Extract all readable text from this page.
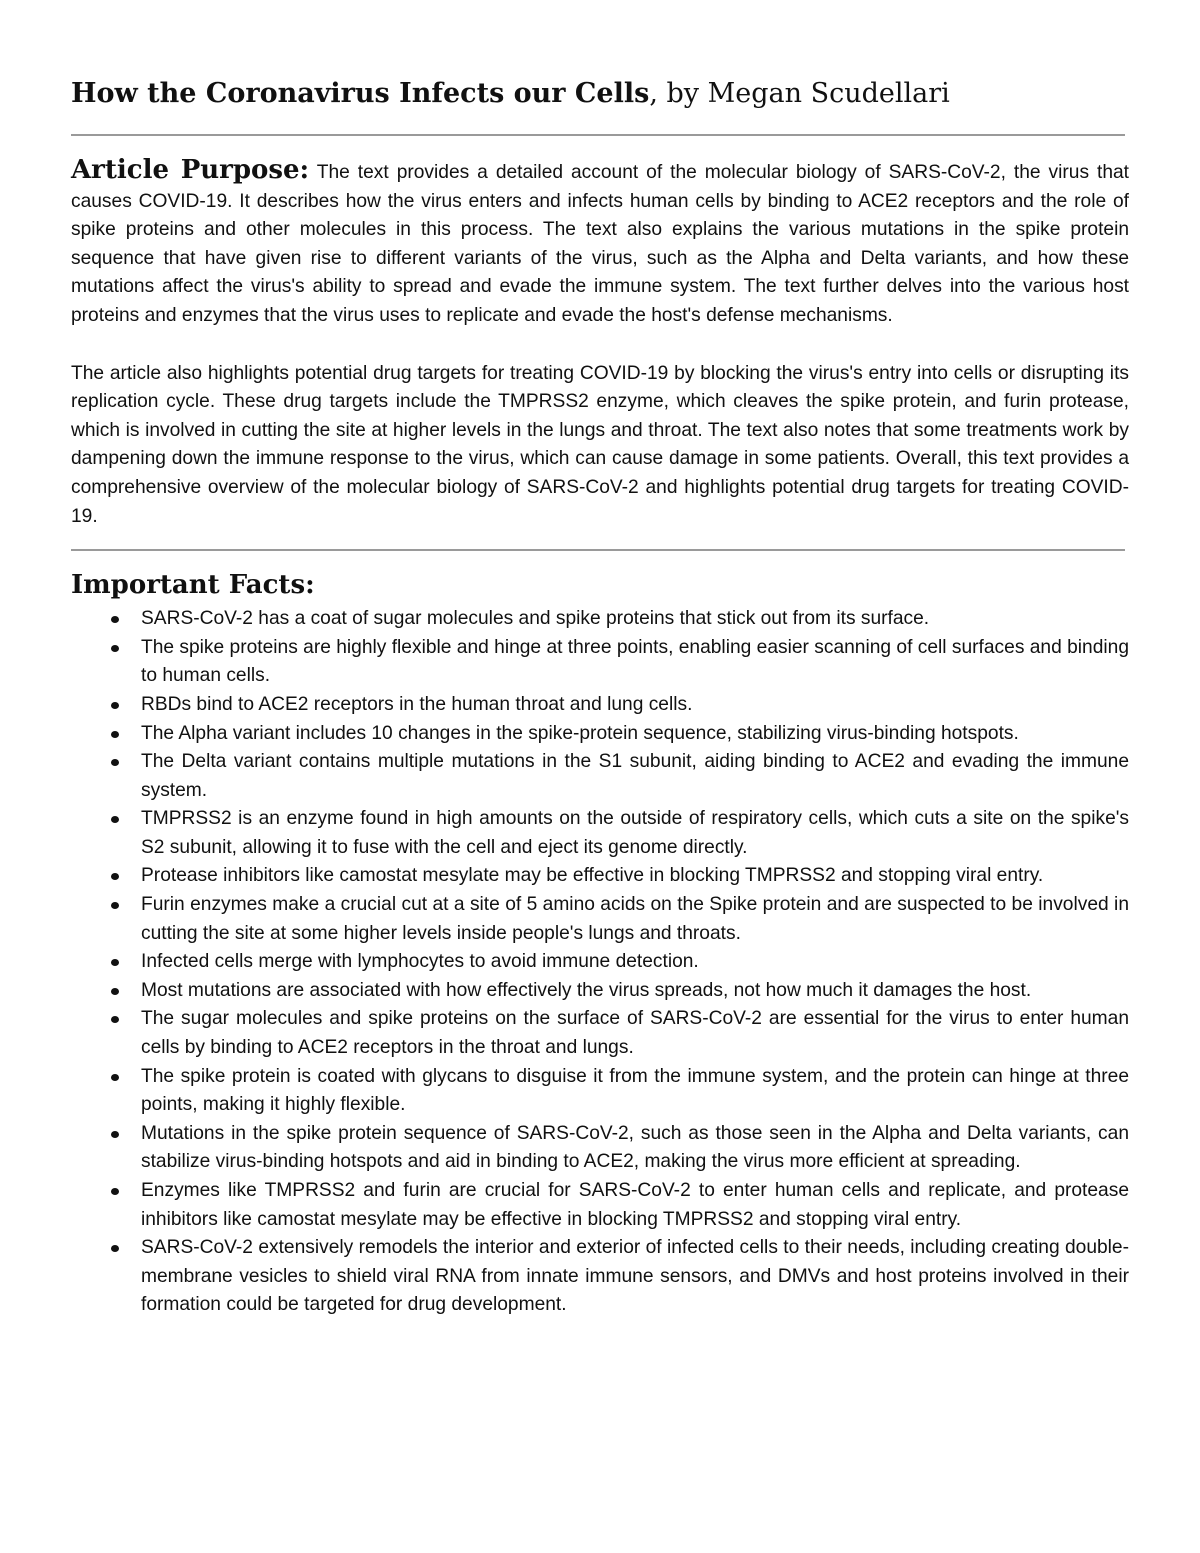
How the Coronavirus Infects our Cells, by Megan Scudellari

Article Purpose: The text provides a detailed account of the molecular biology of SARS-CoV-2, the virus that causes COVID-19. It describes how the virus enters and infects human cells by binding to ACE2 receptors and the role of spike proteins and other molecules in this process. The text also explains the various mutations in the spike protein sequence that have given rise to different variants of the virus, such as the Alpha and Delta variants, and how these mutations affect the virus's ability to spread and evade the immune system. The text further delves into the various host proteins and enzymes that the virus uses to replicate and evade the host's defense mechanisms.

The article also highlights potential drug targets for treating COVID-19 by blocking the virus's entry into cells or disrupting its replication cycle. These drug targets include the TMPRSS2 enzyme, which cleaves the spike protein, and furin protease, which is involved in cutting the site at higher levels in the lungs and throat. The text also notes that some treatments work by dampening down the immune response to the virus, which can cause damage in some patients. Overall, this text provides a comprehensive overview of the molecular biology of SARS-CoV-2 and highlights potential drug targets for treating COVID-19.

Important Facts:
SARS-CoV-2 has a coat of sugar molecules and spike proteins that stick out from its surface.
The spike proteins are highly flexible and hinge at three points, enabling easier scanning of cell surfaces and binding to human cells.
RBDs bind to ACE2 receptors in the human throat and lung cells.
The Alpha variant includes 10 changes in the spike-protein sequence, stabilizing virus-binding hotspots.
The Delta variant contains multiple mutations in the S1 subunit, aiding binding to ACE2 and evading the immune system.
TMPRSS2 is an enzyme found in high amounts on the outside of respiratory cells, which cuts a site on the spike's S2 subunit, allowing it to fuse with the cell and eject its genome directly.
Protease inhibitors like camostat mesylate may be effective in blocking TMPRSS2 and stopping viral entry.
Furin enzymes make a crucial cut at a site of 5 amino acids on the Spike protein and are suspected to be involved in cutting the site at some higher levels inside people's lungs and throats.
Infected cells merge with lymphocytes to avoid immune detection.
Most mutations are associated with how effectively the virus spreads, not how much it damages the host.
The sugar molecules and spike proteins on the surface of SARS-CoV-2 are essential for the virus to enter human cells by binding to ACE2 receptors in the throat and lungs.
The spike protein is coated with glycans to disguise it from the immune system, and the protein can hinge at three points, making it highly flexible.
Mutations in the spike protein sequence of SARS-CoV-2, such as those seen in the Alpha and Delta variants, can stabilize virus-binding hotspots and aid in binding to ACE2, making the virus more efficient at spreading.
Enzymes like TMPRSS2 and furin are crucial for SARS-CoV-2 to enter human cells and replicate, and protease inhibitors like camostat mesylate may be effective in blocking TMPRSS2 and stopping viral entry.
SARS-CoV-2 extensively remodels the interior and exterior of infected cells to their needs, including creating double-membrane vesicles to shield viral RNA from innate immune sensors, and DMVs and host proteins involved in their formation could be targeted for drug development.
